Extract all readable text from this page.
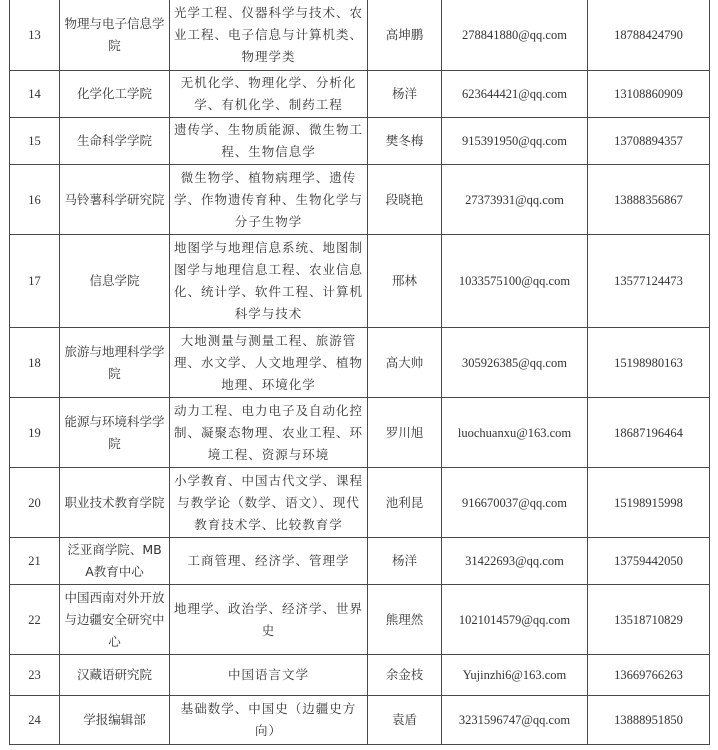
13	物理与电子信息学院	光学工程、仪器科学与技术、农业工程、电子信息与计算机类、物理学类	高坤鹏	278841880@qq.com	18788424790
14	化学化工学院	无机化学、物理化学、分析化学、有机化学、制药工程	杨洋	623644421@qq.com	13108860909
15	生命科学学院	遗传学、生物质能源、微生物工程、生物信息学	樊冬梅	915391950@qq.com	13708894357
16	马铃薯科学研究院	微生物学、植物病理学、遗传学、作物遗传育种、生物化学与分子生物学	段晓艳	27373931@qq.com	13888356867
17	信息学院	地图学与地理信息系统、地图制图学与地理信息工程、农业信息化、统计学、软件工程、计算机科学与技术	邢林	1033575100@qq.com	13577124473
18	旅游与地理科学学院	大地测量与测量工程、旅游管理、水文学、人文地理学、植物地理、环境化学	高大帅	305926385@qq.com	15198980163
19	能源与环境科学学院	动力工程、电力电子及自动化控制、凝聚态物理、农业工程、环境工程、资源与环境	罗川旭	luochuanxu@163.com	18687196464
20	职业技术教育学院	小学教育、中国古代文学、课程与教学论（数学、语文）、现代教育技术学、比较教育学	池利昆	916670037@qq.com	15198915998
21	泛亚商学院、MBA教育中心	工商管理、经济学、管理学	杨洋	31422693@qq.com	13759442050
22	中国西南对外开放与边疆安全研究中心	地理学、政治学、经济学、世界史	熊理然	1021014579@qq.com	13518710829
23	汉藏语研究院	中国语言文学	余金枝	Yujinzhi6@163.com	13669766263
24	学报编辑部	基础数学、中国史（边疆史方向）	袁盾	3231596747@qq.com	13888951850
